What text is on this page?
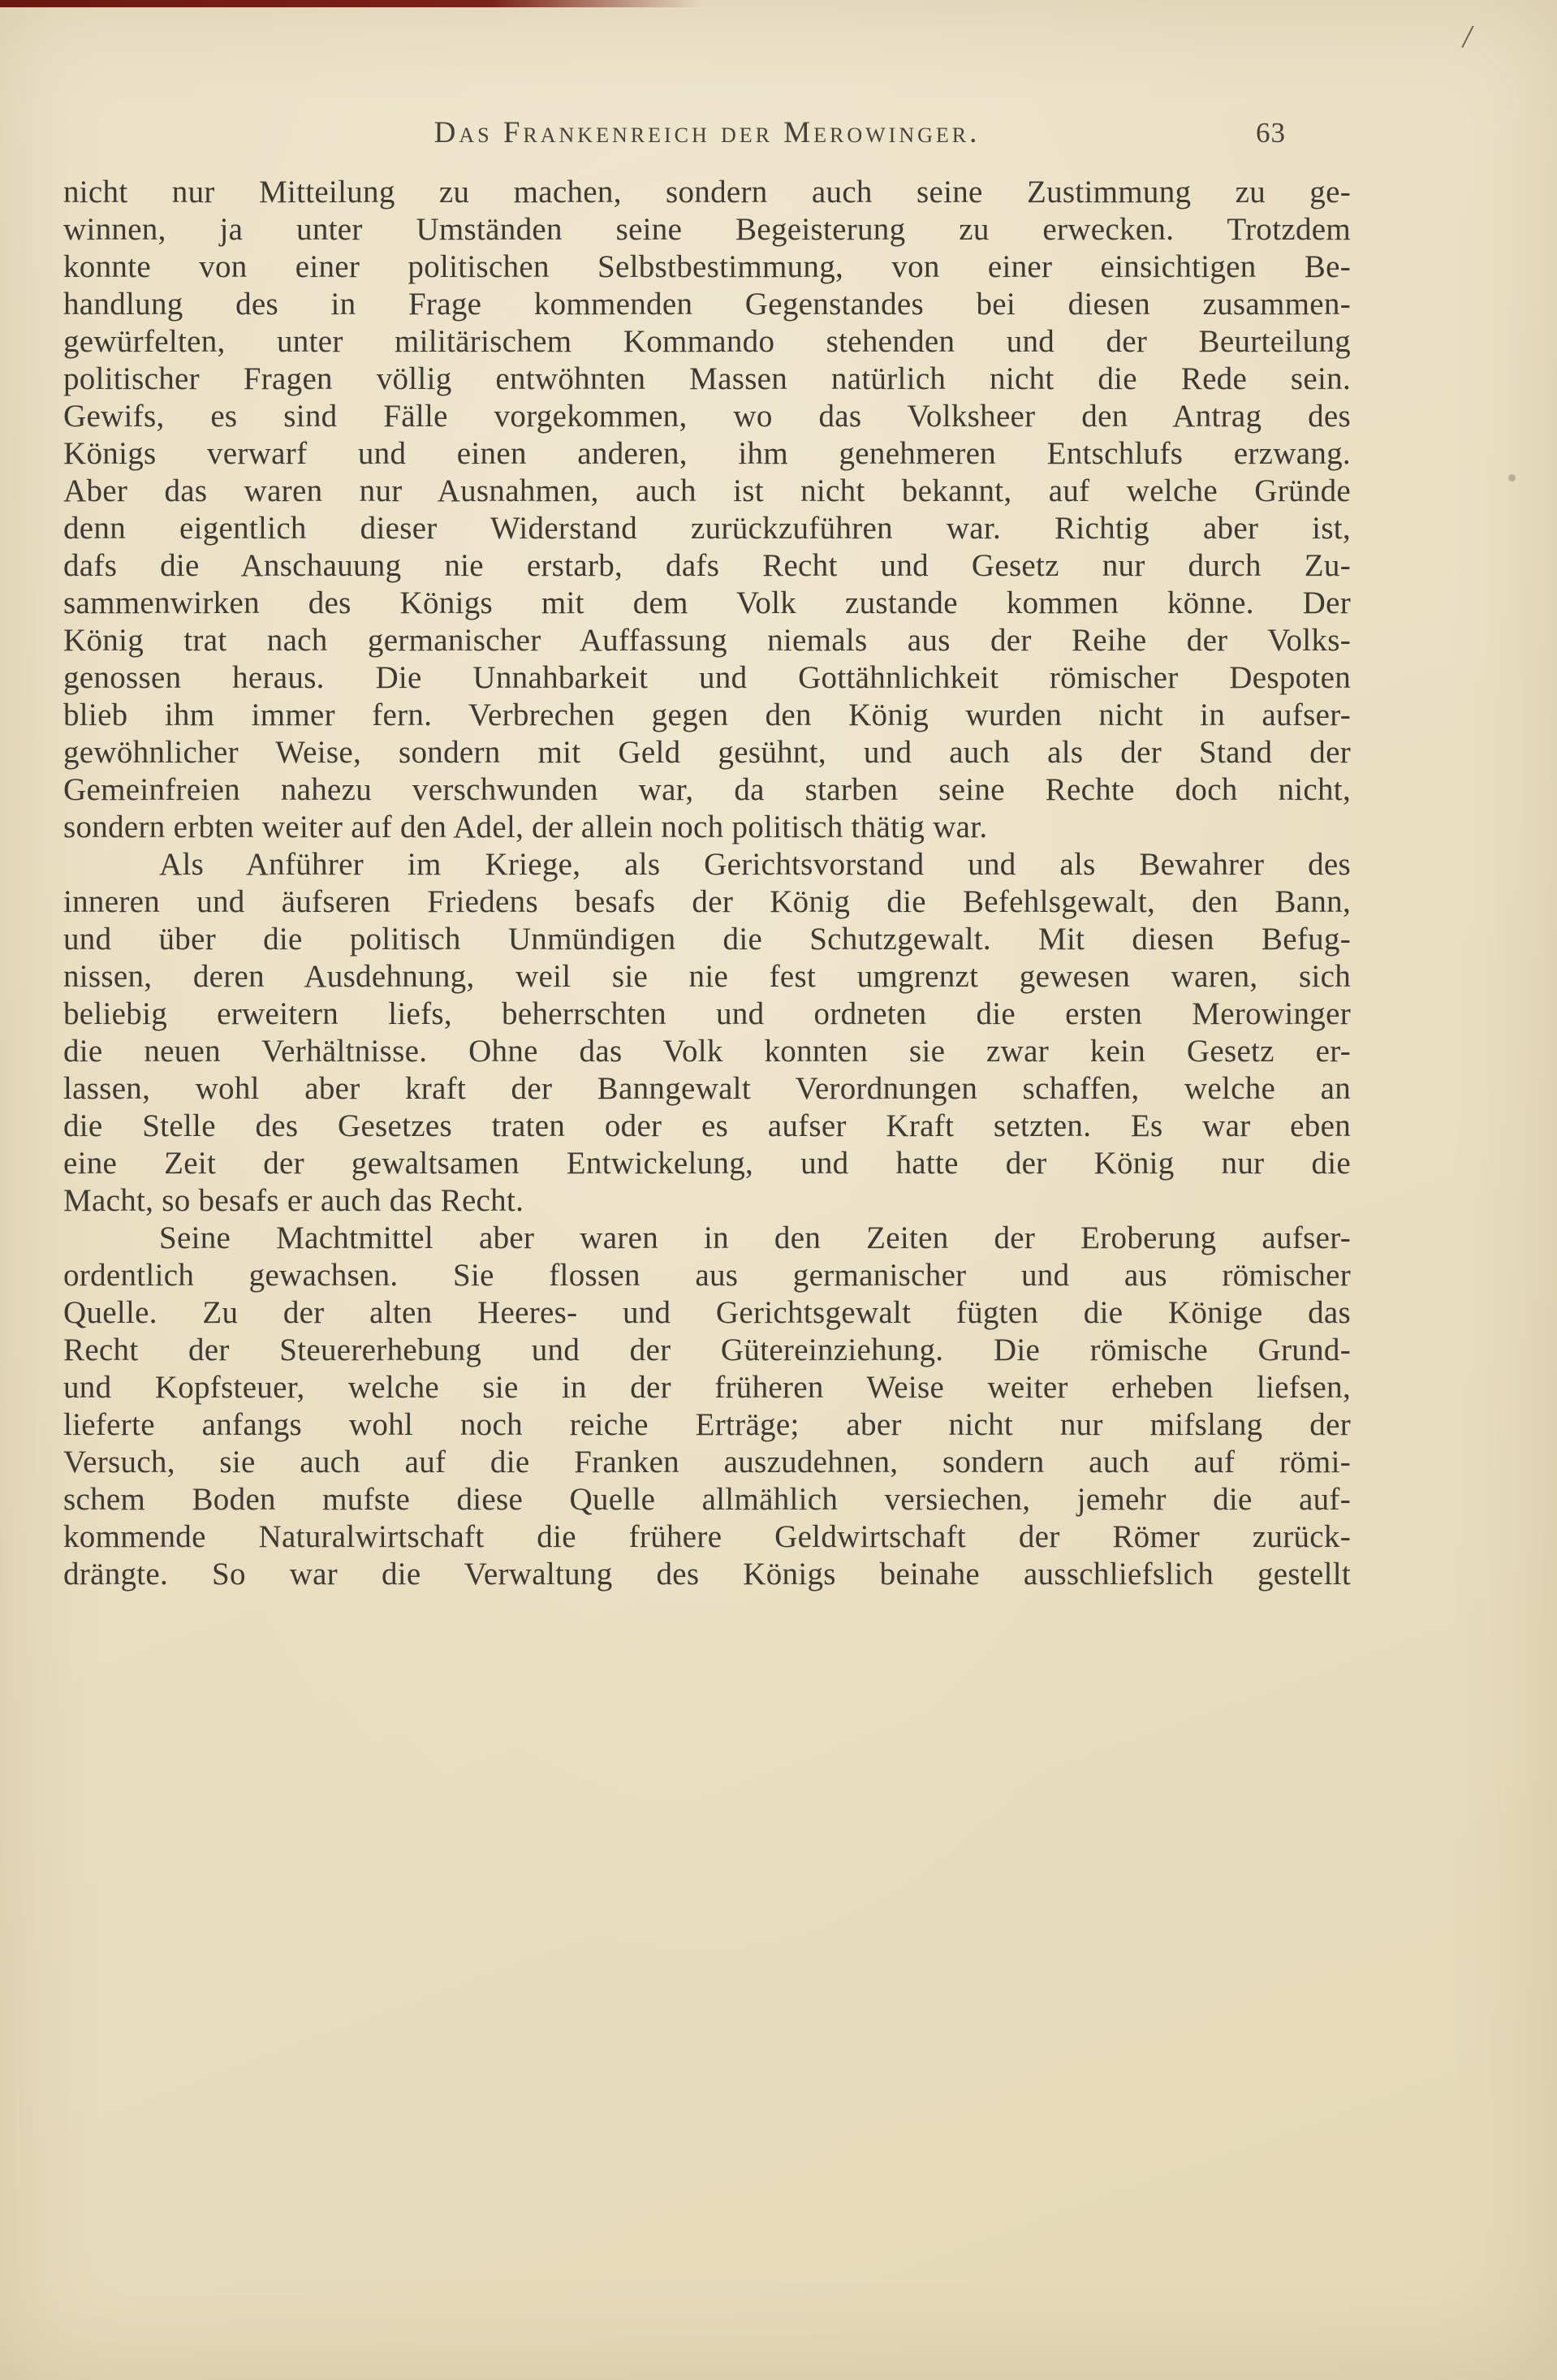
/
Das Frankenreich der Merowinger.	63
nicht nur Mitteilung zu machen, sondern auch seine Zustimmung zu ge-
winnen, ja unter Umständen seine Begeisterung zu erwecken. Trotzdem
konnte von einer politischen Selbstbestimmung, von einer einsichtigen Be-
handlung des in Frage kommenden Gegenstandes bei diesen zusammen-
gewürfelten, unter militärischem Kommando stehenden und der Beurteilung
politischer Fragen völlig entwöhnten Massen natürlich nicht die Rede sein.
Gewifs, es sind Fälle vorgekommen, wo das Volksheer den Antrag des
Königs verwarf und einen anderen, ihm genehmeren Entschlufs erzwang.
Aber das waren nur Ausnahmen, auch ist nicht bekannt, auf welche Gründe
denn eigentlich dieser Widerstand zurückzuführen war. Richtig aber ist,
dafs die Anschauung nie erstarb, dafs Recht und Gesetz nur durch Zu-
sammenwirken des Königs mit dem Volk zustande kommen könne. Der
König trat nach germanischer Auffassung niemals aus der Reihe der Volks-
genossen heraus. Die Unnahbarkeit und Gottähnlichkeit römischer Despoten
blieb ihm immer fern. Verbrechen gegen den König wurden nicht in aufser-
gewöhnlicher Weise, sondern mit Geld gesühnt, und auch als der Stand der
Gemeinfreien nahezu verschwunden war, da starben seine Rechte doch nicht,
sondern erbten weiter auf den Adel, der allein noch politisch thätig war.
Als Anführer im Kriege, als Gerichtsvorstand und als Bewahrer des
inneren und äufseren Friedens besafs der König die Befehlsgewalt, den Bann,
und über die politisch Unmündigen die Schutzgewalt. Mit diesen Befug-
nissen, deren Ausdehnung, weil sie nie fest umgrenzt gewesen waren, sich
beliebig erweitern liefs, beherrschten und ordneten die ersten Merowinger
die neuen Verhältnisse. Ohne das Volk konnten sie zwar kein Gesetz er-
lassen, wohl aber kraft der Banngewalt Verordnungen schaffen, welche an
die Stelle des Gesetzes traten oder es aufser Kraft setzten. Es war eben
eine Zeit der gewaltsamen Entwickelung, und hatte der König nur die
Macht, so besafs er auch das Recht.
Seine Machtmittel aber waren in den Zeiten der Eroberung aufser-
ordentlich gewachsen. Sie flossen aus germanischer und aus römischer
Quelle. Zu der alten Heeres- und Gerichtsgewalt fügten die Könige das
Recht der Steuererhebung und der Gütereinziehung. Die römische Grund-
und Kopfsteuer, welche sie in der früheren Weise weiter erheben liefsen,
lieferte anfangs wohl noch reiche Erträge; aber nicht nur mifslang der
Versuch, sie auch auf die Franken auszudehnen, sondern auch auf römi-
schem Boden mufste diese Quelle allmählich versiechen, jemehr die auf-
kommende Naturalwirtschaft die frühere Geldwirtschaft der Römer zurück-
drängte. So war die Verwaltung des Königs beinahe ausschliefslich gestellt
